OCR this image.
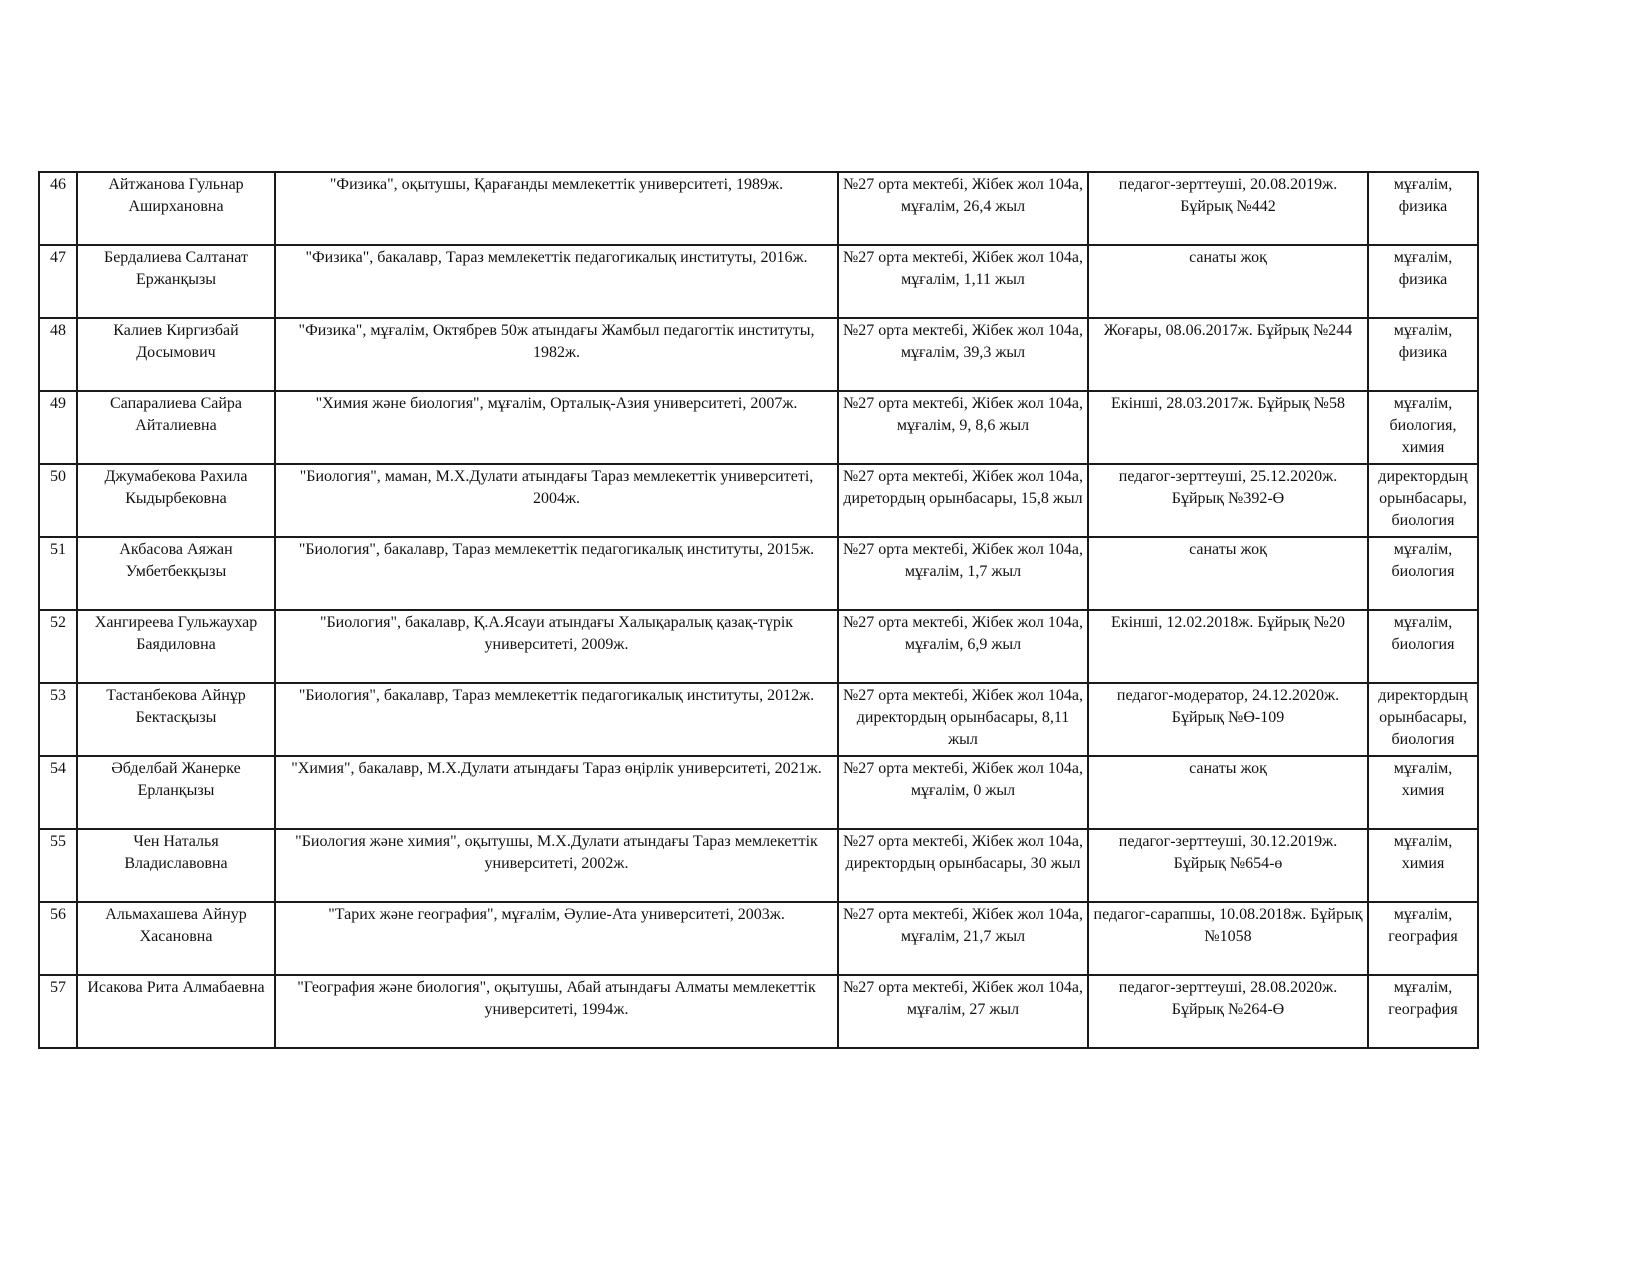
46	Айтжанова Гульнар Аширхановна	"Физика", оқытушы, Қарағанды мемлекеттік университеті, 1989ж.	№27 орта мектебі, Жібек жол 104а, мұғалім, 26,4 жыл	педагог-зерттеуші, 20.08.2019ж. Бұйрық №442	мұғалім, физика
47	Бердалиева Салтанат Ержанқызы	"Физика", бакалавр, Тараз мемлекеттік педагогикалық институты, 2016ж.	№27 орта мектебі, Жібек жол 104а, мұғалім, 1,11 жыл	санаты жоқ	мұғалім, физика
48	Калиев Киргизбай Досымович	"Физика", мұғалім, Октябрев 50ж атындағы Жамбыл педагогтік институты, 1982ж.	№27 орта мектебі, Жібек жол 104а, мұғалім, 39,3 жыл	Жоғары, 08.06.2017ж. Бұйрық №244	мұғалім, физика
49	Сапаралиева Сайра Айталиевна	"Химия және биология", мұғалім, Орталық-Азия университеті, 2007ж.	№27 орта мектебі, Жібек жол 104а, мұғалім, 9, 8,6 жыл	Екінші, 28.03.2017ж. Бұйрық №58	мұғалім, биология, химия
50	Джумабекова Рахила Кыдырбековна	"Биология", маман, М.Х.Дулати атындағы Тараз мемлекеттік университеті, 2004ж.	№27 орта мектебі, Жібек жол 104а, диретордың орынбасары, 15,8 жыл	педагог-зерттеуші, 25.12.2020ж. Бұйрық №392-Ө	директордың орынбасары, биология
51	Акбасова Аяжан Умбетбекқызы	"Биология", бакалавр, Тараз мемлекеттік педагогикалық институты, 2015ж.	№27 орта мектебі, Жібек жол 104а, мұғалім, 1,7 жыл	санаты жоқ	мұғалім, биология
52	Хангиреева Гульжаухар Баядиловна	"Биология", бакалавр, Қ.А.Ясауи атындағы Халықаралық қазақ-түрік университеті, 2009ж.	№27 орта мектебі, Жібек жол 104а, мұғалім, 6,9 жыл	Екінші, 12.02.2018ж. Бұйрық №20	мұғалім, биология
53	Тастанбекова Айнұр Бектасқызы	"Биология", бакалавр, Тараз мемлекеттік педагогикалық институты, 2012ж.	№27 орта мектебі, Жібек жол 104а, директордың орынбасары, 8,11 жыл	педагог-модератор, 24.12.2020ж. Бұйрық №Ө-109	директордың орынбасары, биология
54	Әбделбай Жанерке Ерланқызы	"Химия", бакалавр, М.Х.Дулати атындағы Тараз өңірлік университеті, 2021ж.	№27 орта мектебі, Жібек жол 104а, мұғалім, 0 жыл	санаты жоқ	мұғалім, химия
55	Чен Наталья Владиславовна	"Биология және химия", оқытушы, М.Х.Дулати атындағы Тараз мемлекеттік университеті, 2002ж.	№27 орта мектебі, Жібек жол 104а, директордың орынбасары, 30 жыл	педагог-зерттеуші, 30.12.2019ж. Бұйрық №654-ө	мұғалім, химия
56	Альмахашева Айнур Хасановна	"Тарих және география", мұғалім, Әулие-Ата университеті, 2003ж.	№27 орта мектебі, Жібек жол 104а, мұғалім, 21,7 жыл	педагог-сарапшы, 10.08.2018ж. Бұйрық №1058	мұғалім, география
57	Исакова Рита Алмабаевна	"География және биология", оқытушы, Абай атындағы Алматы мемлекеттік университеті, 1994ж.	№27 орта мектебі, Жібек жол 104а, мұғалім, 27 жыл	педагог-зерттеуші, 28.08.2020ж. Бұйрық №264-Ө	мұғалім, география
